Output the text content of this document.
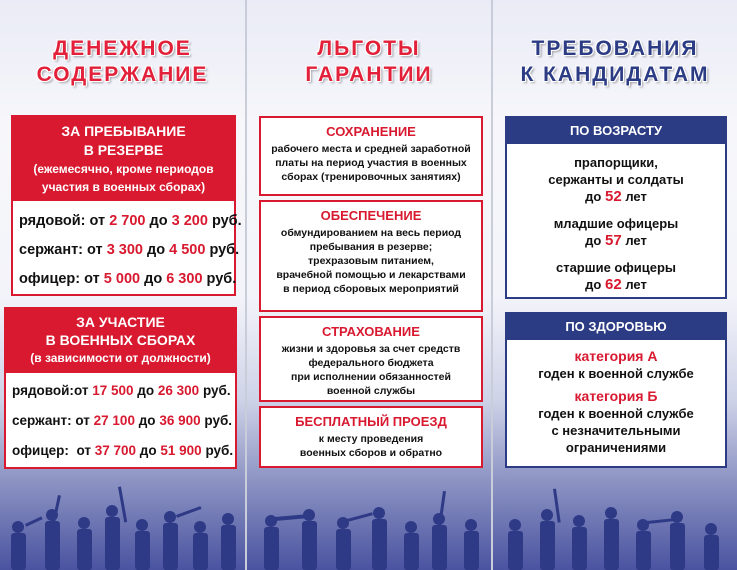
ДЕНЕЖНОЕ
СОДЕРЖАНИЕ
ЗА ПРЕБЫВАНИЕ
В РЕЗЕРВЕ
(ежемесячно, кроме периодов
участия в военных сборах)
рядовой:
от
2 700
до
3 200
руб.
сержант:
от
3 300
до
4 500
руб.
офицер:
от
5 000
до
6 300
руб.
ЗА УЧАСТИЕ
В ВОЕННЫХ СБОРАХ
(в зависимости от должности)
рядовой: от
17 500
до
26 300
руб.
сержант:
от
27 100
до
36 900
руб.
офицер:
от
37 700
до
51 900
руб.
ЛЬГОТЫ
ГАРАНТИИ
СОХРАНЕНИЕ
рабочего места и средней заработной
платы на период участия в военных
сборах (тренировочных занятиях)
ОБЕСПЕЧЕНИЕ
обмундированием на весь период
пребывания в резерве;
трехразовым питанием,
врачебной помощью и лекарствами
в период сборовых мероприятий
СТРАХОВАНИЕ
жизни и здоровья за счет средств
федерального бюджета
при исполнении обязанностей
военной службы
БЕСПЛАТНЫЙ ПРОЕЗД
к месту проведения
военных сборов и обратно
ТРЕБОВАНИЯ
К КАНДИДАТАМ
ПО ВОЗРАСТУ
прапорщики,
сержанты и солдаты
до 52 лет
младшие офицеры
до 57 лет
старшие офицеры
до 62 лет
ПО ЗДОРОВЬЮ
категория А
годен к военной службе
категория Б
годен к военной службе
с незначительными
ограничениями
